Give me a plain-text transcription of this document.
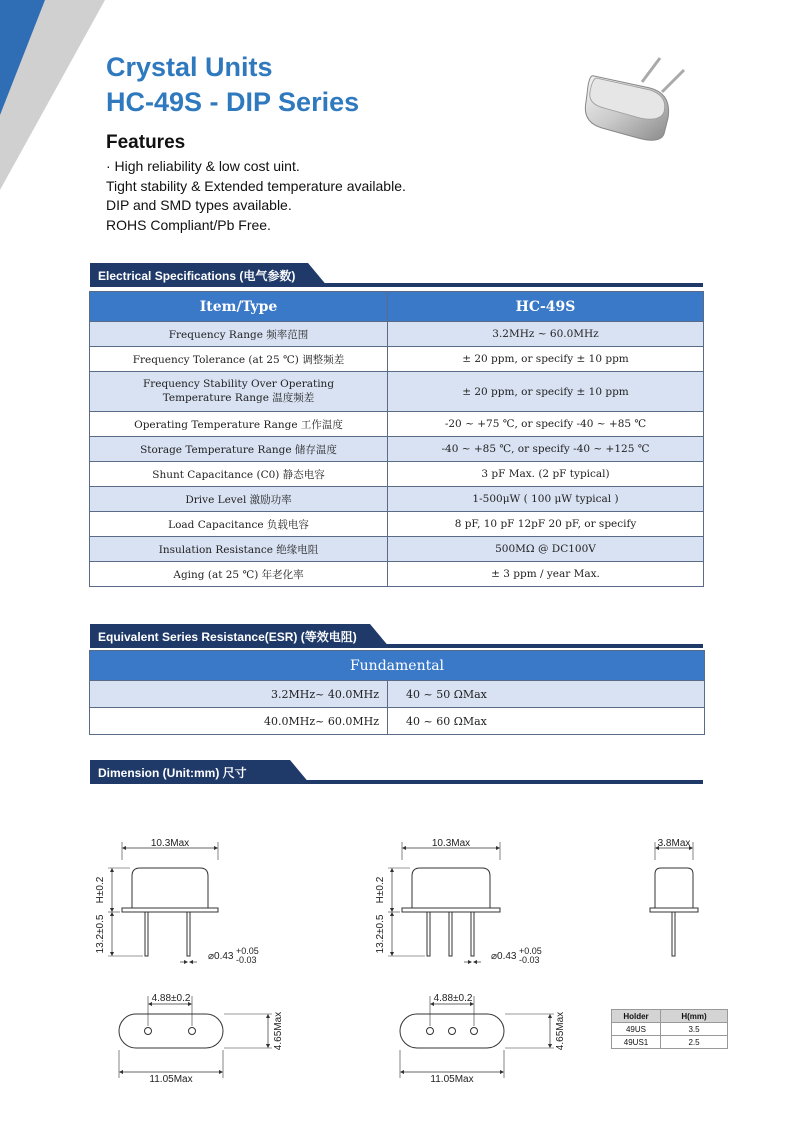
Crystal Units
HC-49S - DIP Series
Features
· High reliability & low cost uint.
Tight stability & Extended temperature available.
DIP and SMD types available.
ROHS Compliant/Pb Free.
Electrical Specifications (电气参数)
Item/Type	HC-49S
Frequency Range 频率范围	3.2MHz ~ 60.0MHz
Frequency Tolerance (at 25 ℃) 调整频差	± 20 ppm, or specify ± 10 ppm
Frequency Stability Over Operating Temperature Range 温度频差	± 20 ppm, or specify ± 10 ppm
Operating Temperature Range 工作温度	-20 ~ +75 ℃, or specify -40 ~ +85 ℃
Storage Temperature Range 储存温度	-40 ~ +85 ℃, or specify -40 ~ +125 ℃
Shunt Capacitance (C0) 静态电容	3 pF Max. (2 pF typical)
Drive Level 激励功率	1-500μW ( 100 μW typical )
Load Capacitance 负载电容	8 pF, 10 pF 12pF 20 pF, or specify
Insulation Resistance 绝缘电阻	500MΩ @ DC100V
Aging (at 25 ℃) 年老化率	± 3 ppm / year Max.
Equivalent Series Resistance(ESR) (等效电阻)
Fundamental	
3.2MHz~ 40.0MHz	40 ~ 50 ΩMax
40.0MHz~ 60.0MHz	40 ~ 60 ΩMax
Dimension (Unit:mm) 尺寸
10.3Max
H±0.2
13.2±0.5
⌀0.43 +0.05
-0.03
10.3Max
H±0.2
13.2±0.5
⌀0.43 +0.05
-0.03
3.8Max
4.88±0.2
4.65Max
11.05Max
4.88±0.2
4.65Max
11.05Max
Holder	H(mm)
49US	3.5
49US1	2.5
